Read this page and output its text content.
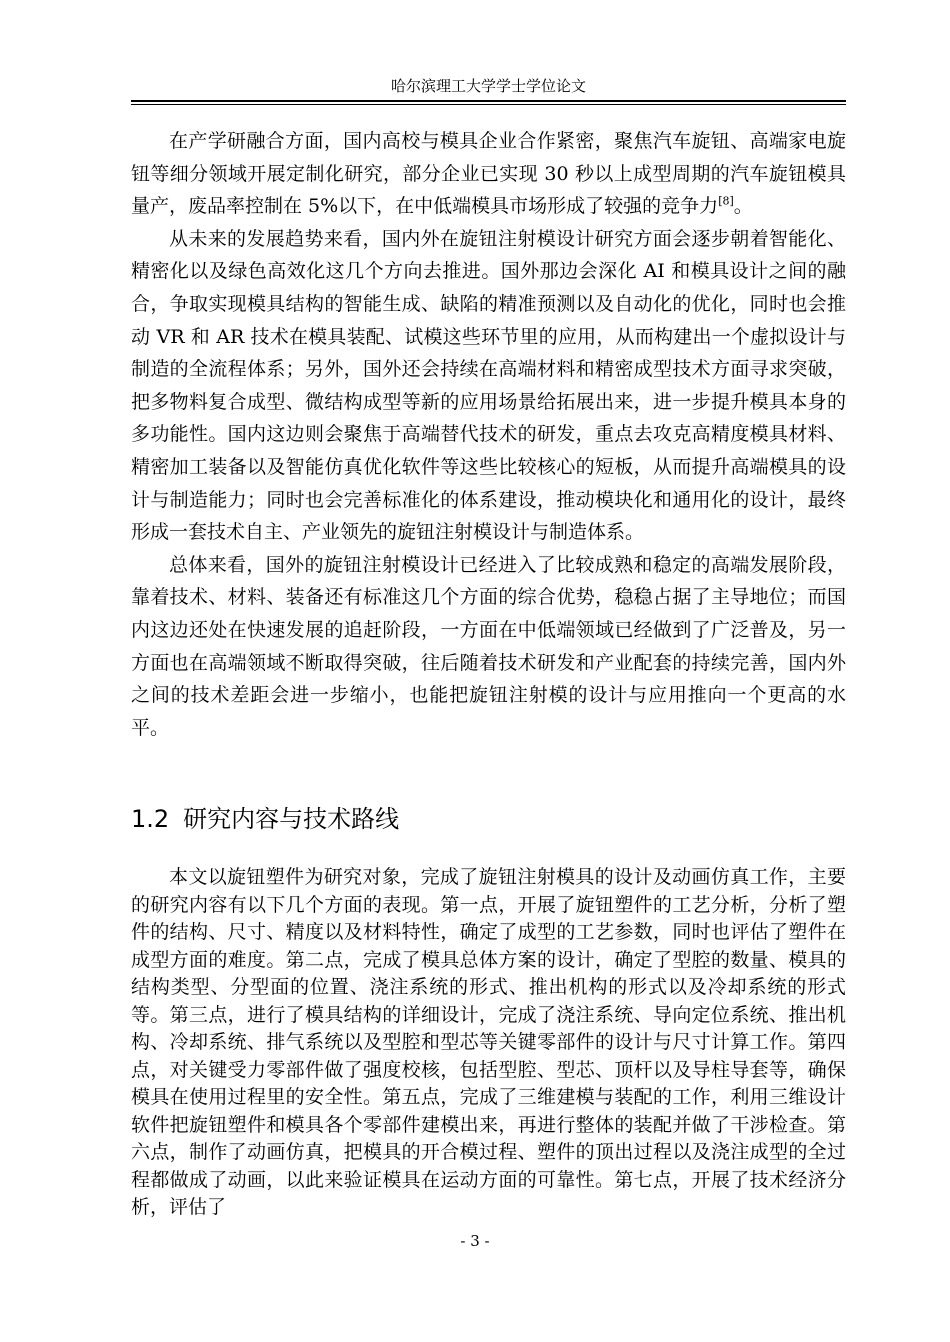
哈尔滨理工大学学士学位论文

在产学研融合方面，国内高校与模具企业合作紧密，聚焦汽车旋钮、高端家电旋钮等细分领域开展定制化研究，部分企业已实现 30 秒以上成型周期的汽车旋钮模具量产，废品率控制在 5%以下，在中低端模具市场形成了较强的竞争力[8]。

从未来的发展趋势来看，国内外在旋钮注射模设计研究方面会逐步朝着智能化、精密化以及绿色高效化这几个方向去推进。国外那边会深化 AI 和模具设计之间的融合，争取实现模具结构的智能生成、缺陷的精准预测以及自动化的优化，同时也会推动 VR 和 AR 技术在模具装配、试模这些环节里的应用，从而构建出一个虚拟设计与制造的全流程体系；另外，国外还会持续在高端材料和精密成型技术方面寻求突破，把多物料复合成型、微结构成型等新的应用场景给拓展出来，进一步提升模具本身的多功能性。国内这边则会聚焦于高端替代技术的研发，重点去攻克高精度模具材料、精密加工装备以及智能仿真优化软件等这些比较核心的短板，从而提升高端模具的设计与制造能力；同时也会完善标准化的体系建设，推动模块化和通用化的设计，最终形成一套技术自主、产业领先的旋钮注射模设计与制造体系。

总体来看，国外的旋钮注射模设计已经进入了比较成熟和稳定的高端发展阶段，靠着技术、材料、装备还有标准这几个方面的综合优势，稳稳占据了主导地位；而国内这边还处在快速发展的追赶阶段，一方面在中低端领域已经做到了广泛普及，另一方面也在高端领域不断取得突破，往后随着技术研发和产业配套的持续完善，国内外之间的技术差距会进一步缩小，也能把旋钮注射模的设计与应用推向一个更高的水平。

1.2 研究内容与技术路线

本文以旋钮塑件为研究对象，完成了旋钮注射模具的设计及动画仿真工作，主要的研究内容有以下几个方面的表现。第一点，开展了旋钮塑件的工艺分析，分析了塑件的结构、尺寸、精度以及材料特性，确定了成型的工艺参数，同时也评估了塑件在成型方面的难度。第二点，完成了模具总体方案的设计，确定了型腔的数量、模具的结构类型、分型面的位置、浇注系统的形式、推出机构的形式以及冷却系统的形式等。第三点，进行了模具结构的详细设计，完成了浇注系统、导向定位系统、推出机构、冷却系统、排气系统以及型腔和型芯等关键零部件的设计与尺寸计算工作。第四点，对关键受力零部件做了强度校核，包括型腔、型芯、顶杆以及导柱导套等，确保模具在使用过程里的安全性。第五点，完成了三维建模与装配的工作，利用三维设计软件把旋钮塑件和模具各个零部件建模出来，再进行整体的装配并做了干涉检查。第六点，制作了动画仿真，把模具的开合模过程、塑件的顶出过程以及浇注成型的全过程都做成了动画，以此来验证模具在运动方面的可靠性。第七点，开展了技术经济分析，评估了

- 3 -
